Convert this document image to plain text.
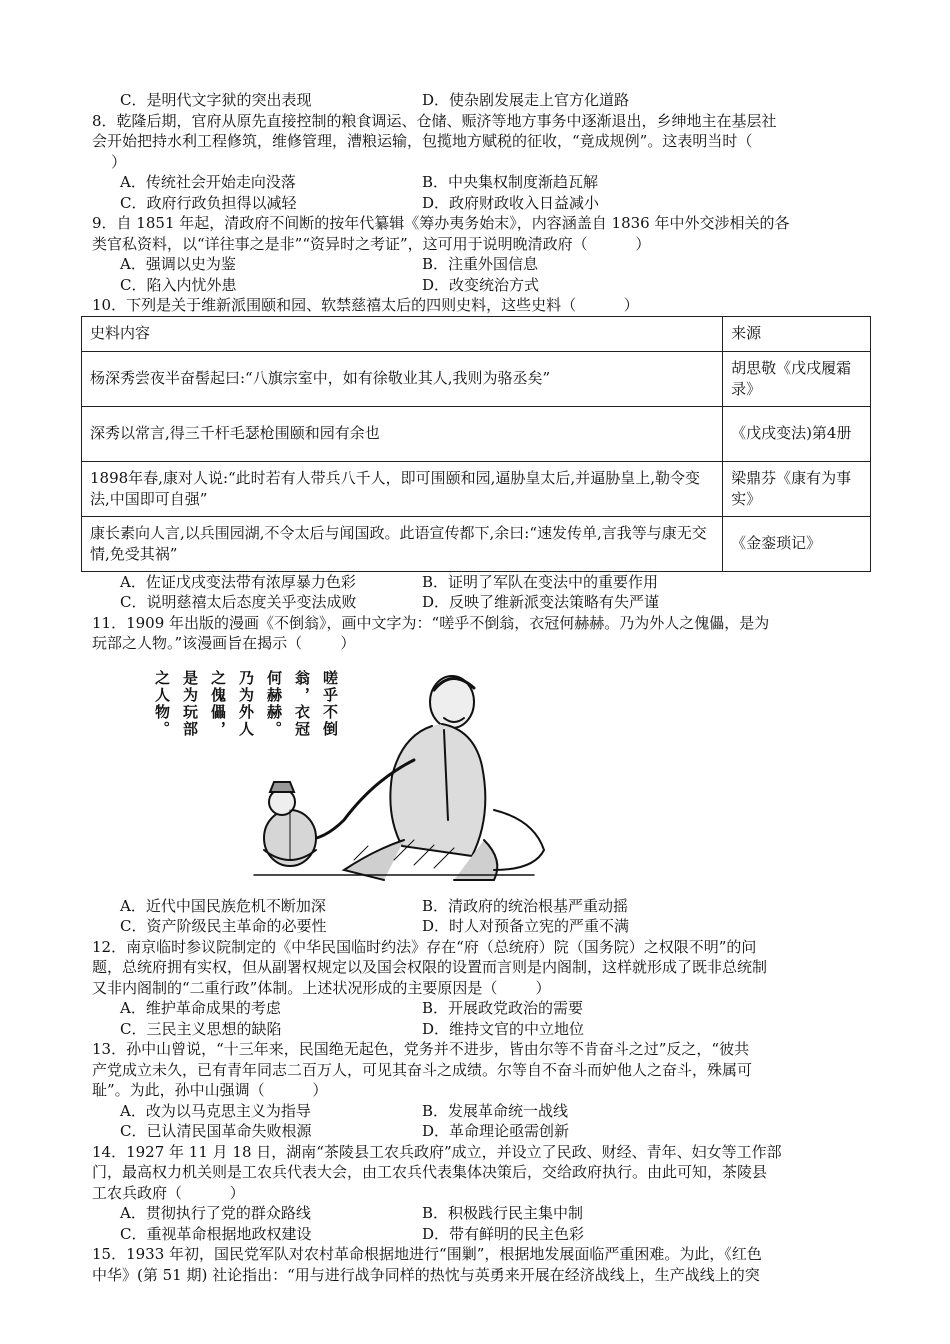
C．是明代文字狱的突出表现	D．使杂剧发展走上官方化道路
8．乾隆后期，官府从原先直接控制的粮食调运、仓储、赈济等地方事务中逐渐退出，乡绅地主在基层社
会开始把持水利工程修筑，维修管理，漕粮运输，包揽地方赋税的征收，“竟成规例”。这表明当时（
）
A．传统社会开始走向没落	B．中央集权制度渐趋瓦解
C．政府行政负担得以减轻	D．政府财政收入日益减小
9．自 1851 年起，清政府不间断的按年代纂辑《筹办夷务始末》，内容涵盖自 1836 年中外交涉相关的各
类官私资料，以“详往事之是非”“资异时之考证”，这可用于说明晚清政府（          ）
A．强调以史为鉴	B．注重外国信息
C．陷入内忧外患	D．改变统治方式
10．下列是关于维新派围颐和园、软禁慈禧太后的四则史料，这些史料（          ）
史料内容	来源
杨深秀尝夜半奋髻起曰:“八旗宗室中，如有徐敬业其人,我则为骆丞矣”	胡思敬《戊戌履霜录》
深秀以常言,得三千杆毛瑟枪围颐和园有余也	《戊戌变法)第4册
1898年春,康对人说:“此时若有人带兵八千人，即可围颐和园,逼胁皇太后,并逼胁皇上,勒令变法,中国即可自强”	梁鼎芬《康有为事实》
康长素向人言,以兵围园湖,不令太后与闻国政。此语宣传都下,余曰:“速发传单,言我等与康无交情,免受其祸”	《金銮琐记》
A．佐证戊戌变法带有浓厚暴力色彩	B．证明了军队在变法中的重要作用
C．说明慈禧太后态度关乎变法成败	D．反映了维新派变法策略有失严谨
11．1909 年出版的漫画《不倒翁》，画中文字为：“嗟乎不倒翁，衣冠何赫赫。乃为外人之傀儡，是为
玩部之人物。”该漫画旨在揭示（        ）
嗟乎不倒
翁，衣冠
何赫赫。
乃为外人
之傀儡，
是为玩部
之人物。
A．近代中国民族危机不断加深	B．清政府的统治根基严重动摇
C．资产阶级民主革命的必要性	D．时人对预备立宪的严重不满
12．南京临时参议院制定的《中华民国临时约法》存在“府（总统府）院（国务院）之权限不明”的问
题，总统府拥有实权，但从副署权规定以及国会权限的设置而言则是内阁制，这样就形成了既非总统制
又非内阁制的“二重行政”体制。上述状况形成的主要原因是（        ）
A．维护革命成果的考虑	B．开展政党政治的需要
C．三民主义思想的缺陷	D．维持文官的中立地位
13．孙中山曾说，“十三年来，民国绝无起色，党务并不进步，皆由尔等不肯奋斗之过”反之，“彼共
产党成立未久，已有青年同志二百万人，可见其奋斗之成绩。尔等自不奋斗而妒他人之奋斗，殊属可
耻”。为此，孙中山强调（          ）
A．改为以马克思主义为指导	B．发展革命统一战线
C．已认清民国革命失败根源	D．革命理论亟需创新
14．1927 年 11 月 18 日，湖南“茶陵县工农兵政府”成立，并设立了民政、财经、青年、妇女等工作部
门，最高权力机关则是工农兵代表大会，由工农兵代表集体决策后，交给政府执行。由此可知，茶陵县
工农兵政府（          ）
A．贯彻执行了党的群众路线	B．积极践行民主集中制
C．重视革命根据地政权建设	D．带有鲜明的民主色彩
15．1933 年初，国民党军队对农村革命根据地进行“围剿”，根据地发展面临严重困难。为此，《红色
中华》(第 51 期) 社论指出：“用与进行战争同样的热忱与英勇来开展在经济战线上，生产战线上的突
